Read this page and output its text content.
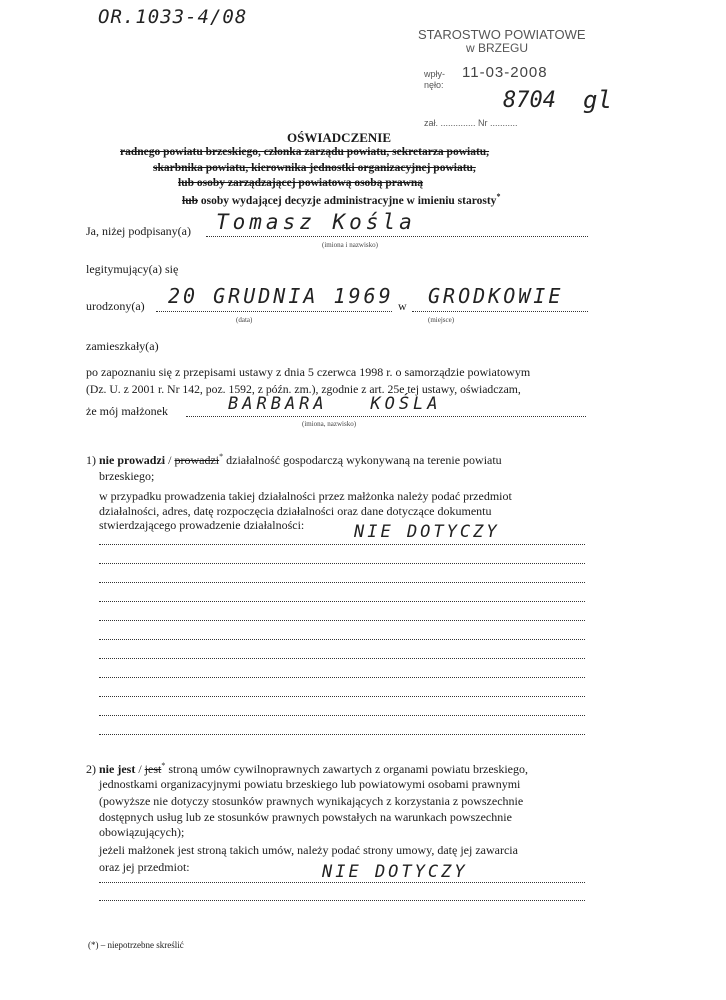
OR.1033-4/08
STAROSTWO POWIATOWE
w BRZEGU
wpły-
nęło:
11-03-2008
8704 gl
zał. .............. Nr ...........
OŚWIADCZENIE
radnego powiatu brzeskiego, członka zarządu powiatu, sekretarza powiatu,
skarbnika powiatu, kierownika jednostki organizacyjnej powiatu,
lub osoby zarządzającej powiatową osobą prawną
lub osoby wydającej decyzje administracyjne w imieniu starosty*
Ja, niżej podpisany(a) Tomasz Kośla
(imiona i nazwisko)
legitymujący(a) się
urodzony(a) 20 GRUDNIA 1969 w GRODKOWIE
(data)	(miejsce)
zamieszkały(a)
po zapoznaniu się z przepisami ustawy z dnia 5 czerwca 1998 r. o samorządzie powiatowym
(Dz. U. z 2001 r. Nr 142, poz. 1592, z późn. zm.), zgodnie z art. 25e tej ustawy, oświadczam,
że mój małżonek	BARBARA   KOŚLA
(imiona, nazwisko)
1) nie prowadzi / prowadzi* działalność gospodarczą wykonywaną na terenie powiatu
brzeskiego;
w przypadku prowadzenia takiej działalności przez małżonka należy podać przedmiot
działalności, adres, datę rozpoczęcia działalności oraz dane dotyczące dokumentu
stwierdzającego prowadzenie działalności:	NIE DOTYCZY
2) nie jest / jest* stroną umów cywilnoprawnych zawartych z organami powiatu brzeskiego,
jednostkami organizacyjnymi powiatu brzeskiego lub powiatowymi osobami prawnymi
(powyższe nie dotyczy stosunków prawnych wynikających z korzystania z powszechnie
dostępnych usług lub ze stosunków prawnych powstałych na warunkach powszechnie
obowiązujących);
jeżeli małżonek jest stroną takich umów, należy podać strony umowy, datę jej zawarcia
oraz jej przedmiot:	NIE DOTYCZY
(*) – niepotrzebne skreślić
